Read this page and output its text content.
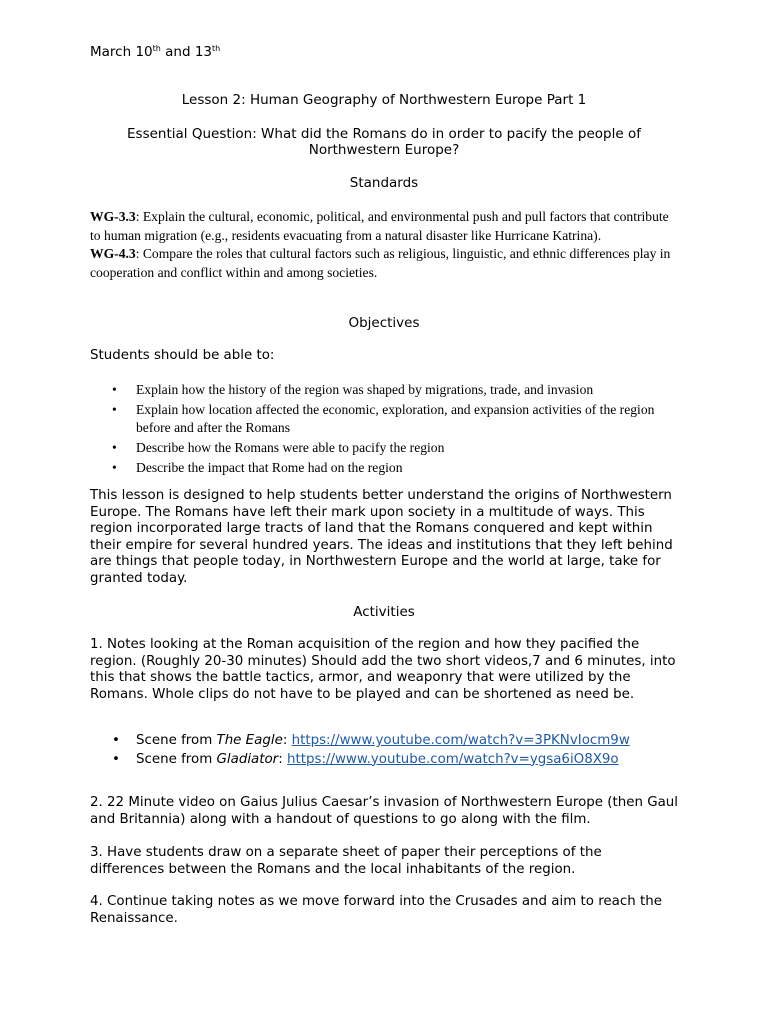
March 10th and 13th
Lesson 2: Human Geography of Northwestern Europe Part 1
Essential Question: What did the Romans do in order to pacify the people of Northwestern Europe?
Standards

WG-3.3: Explain the cultural, economic, political, and environmental push and pull factors that contribute to human migration (e.g., residents evacuating from a natural disaster like Hurricane Katrina).

WG-4.3: Compare the roles that cultural factors such as religious, linguistic, and ethnic differences play in cooperation and conflict within and among societies.

Objectives
Students should be able to:
• Explain how the history of the region was shaped by migrations, trade, and invasion
• Explain how location affected the economic, exploration, and expansion activities of the region before and after the Romans
• Describe how the Romans were able to pacify the region
• Describe the impact that Rome had on the region

This lesson is designed to help students better understand the origins of Northwestern Europe. The Romans have left their mark upon society in a multitude of ways. This region incorporated large tracts of land that the Romans conquered and kept within their empire for several hundred years. The ideas and institutions that they left behind are things that people today, in Northwestern Europe and the world at large, take for granted today.

Activities

1. Notes looking at the Roman acquisition of the region and how they pacified the region. (Roughly 20-30 minutes) Should add the two short videos,7 and 6 minutes, into this that shows the battle tactics, armor, and weaponry that were utilized by the Romans. Whole clips do not have to be played and can be shortened as need be.

• Scene from The Eagle: https://www.youtube.com/watch?v=3PKNvIocm9w
• Scene from Gladiator: https://www.youtube.com/watch?v=ygsa6iO8X9o

2. 22 Minute video on Gaius Julius Caesar’s invasion of Northwestern Europe (then Gaul and Britannia) along with a handout of questions to go along with the film.

3. Have students draw on a separate sheet of paper their perceptions of the differences between the Romans and the local inhabitants of the region.

4. Continue taking notes as we move forward into the Crusades and aim to reach the Renaissance.
